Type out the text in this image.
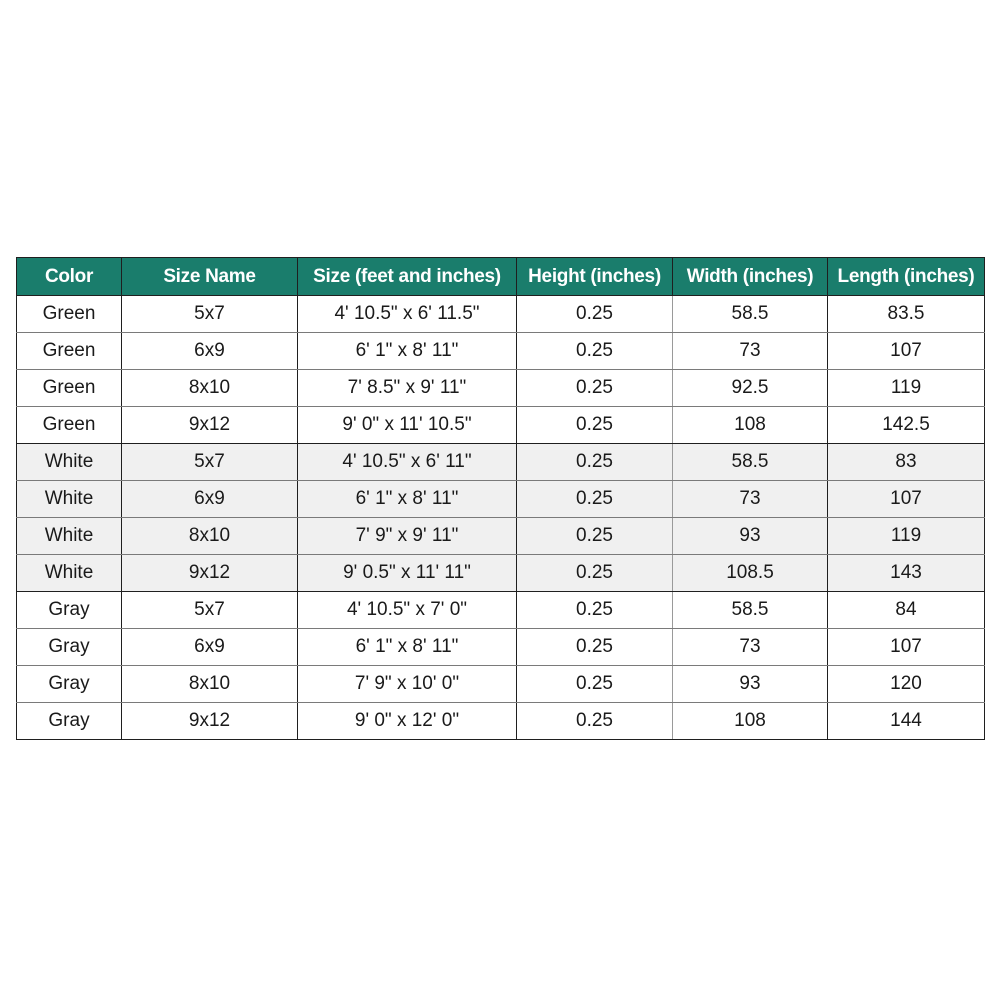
Color	Size Name	Size (feet and inches)	Height (inches)	Width (inches)	Length (inches)
Green	5x7	4' 10.5" x 6' 11.5"	0.25	58.5	83.5
Green	6x9	6' 1" x 8' 11"	0.25	73	107
Green	8x10	7' 8.5" x 9' 11"	0.25	92.5	119
Green	9x12	9' 0" x 11' 10.5"	0.25	108	142.5
White	5x7	4' 10.5" x 6' 11"	0.25	58.5	83
White	6x9	6' 1" x 8' 11"	0.25	73	107
White	8x10	7' 9" x 9' 11"	0.25	93	119
White	9x12	9' 0.5" x 11' 11"	0.25	108.5	143
Gray	5x7	4' 10.5" x 7' 0"	0.25	58.5	84
Gray	6x9	6' 1" x 8' 11"	0.25	73	107
Gray	8x10	7' 9" x 10' 0"	0.25	93	120
Gray	9x12	9' 0" x 12' 0"	0.25	108	144
